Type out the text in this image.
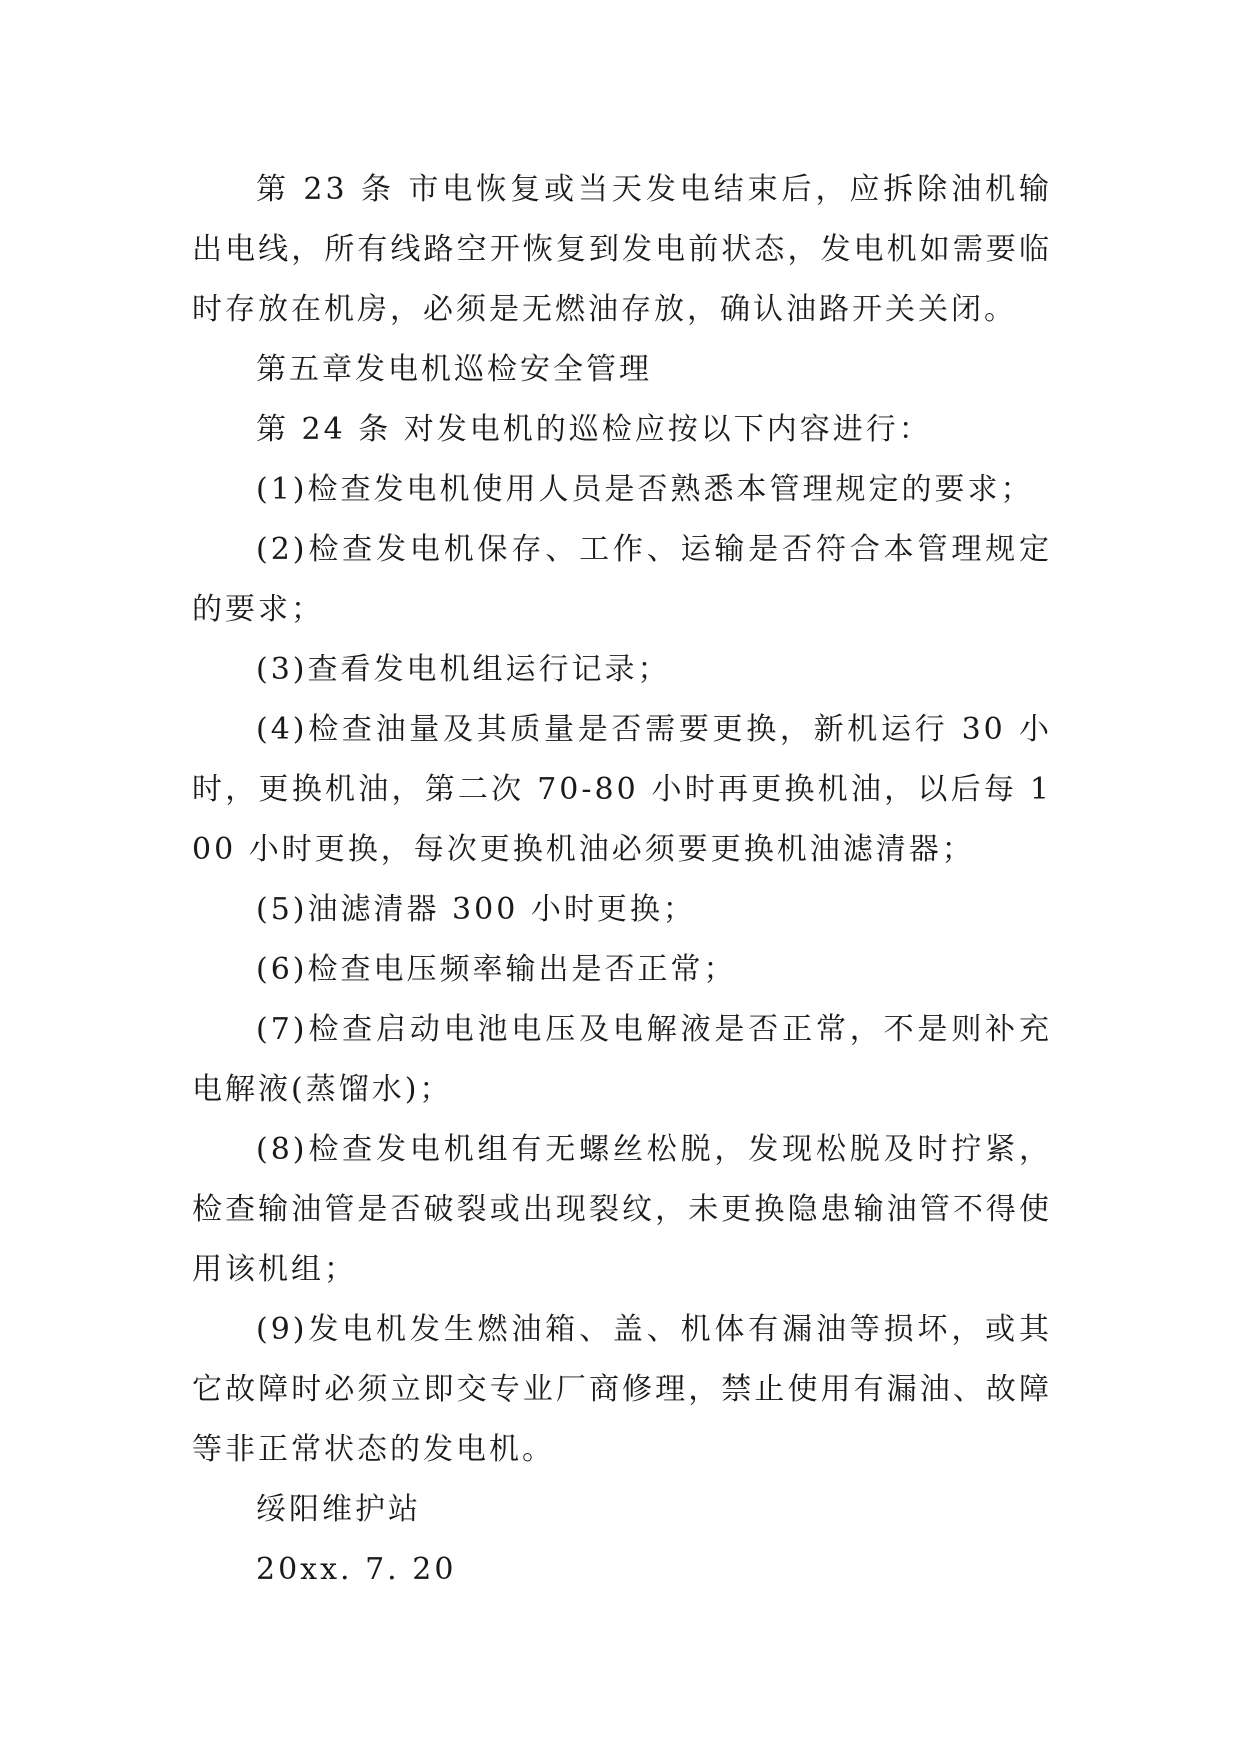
第 23 条 市电恢复或当天发电结束后，应拆除油机输出电线，所有线路空开恢复到发电前状态，发电机如需要临时存放在机房，必须是无燃油存放，确认油路开关关闭。

第五章发电机巡检安全管理

第 24 条 对发电机的巡检应按以下内容进行：

(1)检查发电机使用人员是否熟悉本管理规定的要求；

(2)检查发电机保存、工作、运输是否符合本管理规定的要求；

(3)查看发电机组运行记录；

(4)检查油量及其质量是否需要更换，新机运行 30 小时，更换机油，第二次 70-80 小时再更换机油，以后每 100 小时更换，每次更换机油必须要更换机油滤清器；

(5)油滤清器 300 小时更换；

(6)检查电压频率输出是否正常；

(7)检查启动电池电压及电解液是否正常，不是则补充电解液(蒸馏水)；

(8)检查发电机组有无螺丝松脱，发现松脱及时拧紧，检查输油管是否破裂或出现裂纹，未更换隐患输油管不得使用该机组；

(9)发电机发生燃油箱、盖、机体有漏油等损坏，或其它故障时必须立即交专业厂商修理，禁止使用有漏油、故障等非正常状态的发电机。

绥阳维护站

20xx. 7. 20
